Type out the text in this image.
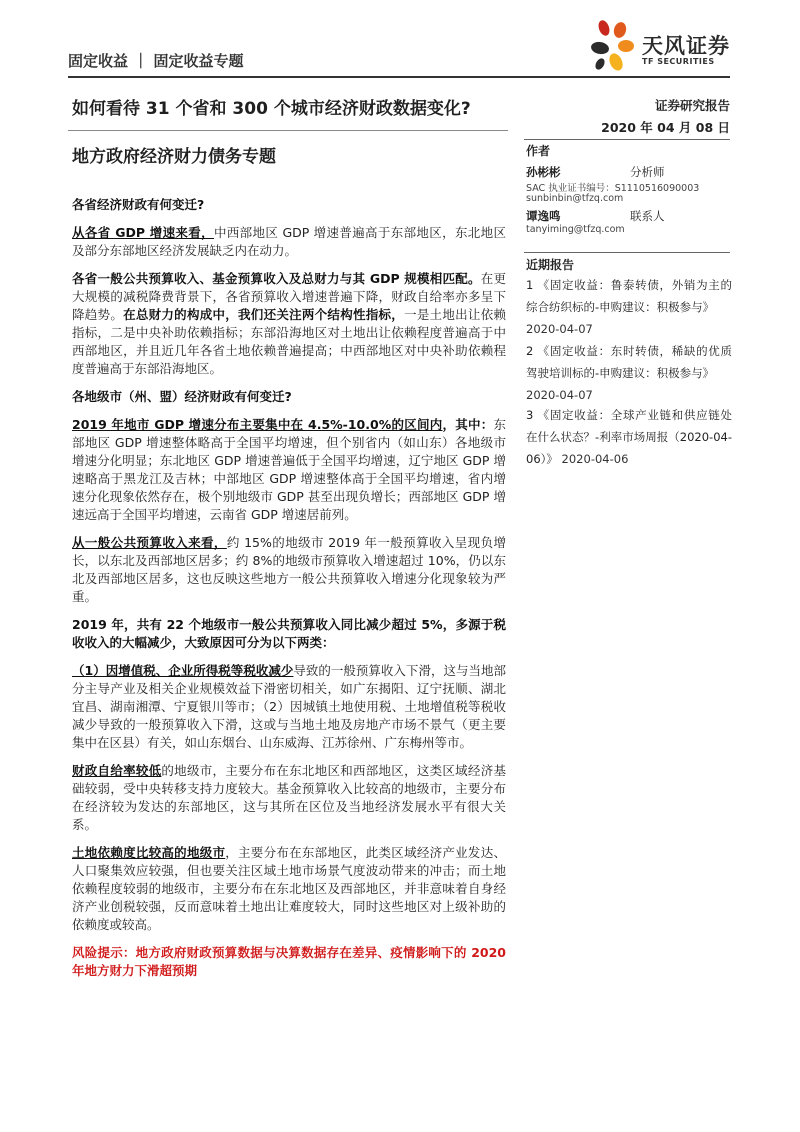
固定收益 ｜ 固定收益专题
天风证券
TF SECURITIES
如何看待 31 个省和 300 个城市经济财政数据变化?
地方政府经济财力债务专题
证券研究报告
2020 年 04 月 08 日
作者
孙彬彬	分析师
SAC 执业证书编号：S1110516090003
sunbinbin@tfzq.com
谭逸鸣	联系人
tanyiming@tfzq.com
近期报告
1 《固定收益：鲁泰转债，外销为主的综合纺织标的-申购建议：积极参与》
2020-04-07
2 《固定收益：东时转债，稀缺的优质驾驶培训标的-申购建议：积极参与》
2020-04-07
3 《固定收益：全球产业链和供应链处在什么状态？-利率市场周报（2020-04-06）》 2020-04-06

各省经济财政有何变迁?

从各省 GDP 增速来看，中西部地区 GDP 增速普遍高于东部地区，东北地区及部分东部地区经济发展缺乏内在动力。

各省一般公共预算收入、基金预算收入及总财力与其 GDP 规模相匹配。在更大规模的减税降费背景下，各省预算收入增速普遍下降，财政自给率亦多呈下降趋势。在总财力的构成中，我们还关注两个结构性指标，一是土地出让依赖指标，二是中央补助依赖指标；东部沿海地区对土地出让依赖程度普遍高于中西部地区，并且近几年各省土地依赖普遍提高；中西部地区对中央补助依赖程度普遍高于东部沿海地区。

各地级市（州、盟）经济财政有何变迁?

2019 年地市 GDP 增速分布主要集中在 4.5%-10.0%的区间内，其中：东部地区 GDP 增速整体略高于全国平均增速，但个别省内（如山东）各地级市增速分化明显；东北地区 GDP 增速普遍低于全国平均增速，辽宁地区 GDP 增速略高于黑龙江及吉林；中部地区 GDP 增速整体高于全国平均增速，省内增速分化现象依然存在，极个别地级市 GDP 甚至出现负增长；西部地区 GDP 增速远高于全国平均增速，云南省 GDP 增速居前列。

从一般公共预算收入来看，约 15%的地级市 2019 年一般预算收入呈现负增长，以东北及西部地区居多；约 8%的地级市预算收入增速超过 10%，仍以东北及西部地区居多，这也反映这些地方一般公共预算收入增速分化现象较为严重。

2019 年，共有 22 个地级市一般公共预算收入同比减少超过 5%，多源于税收收入的大幅减少，大致原因可分为以下两类：

（1）因增值税、企业所得税等税收减少导致的一般预算收入下滑，这与当地部分主导产业及相关企业规模效益下滑密切相关，如广东揭阳、辽宁抚顺、湖北宜昌、湖南湘潭、宁夏银川等市；（2）因城镇土地使用税、土地增值税等税收减少导致的一般预算收入下滑，这或与当地土地及房地产市场不景气（更主要集中在区县）有关，如山东烟台、山东威海、江苏徐州、广东梅州等市。

财政自给率较低的地级市，主要分布在东北地区和西部地区，这类区域经济基础较弱，受中央转移支持力度较大。基金预算收入比较高的地级市，主要分布在经济较为发达的东部地区，这与其所在区位及当地经济发展水平有很大关系。

土地依赖度比较高的地级市，主要分布在东部地区，此类区域经济产业发达、人口聚集效应较强，但也要关注区域土地市场景气度波动带来的冲击；而土地依赖程度较弱的地级市，主要分布在东北地区及西部地区，并非意味着自身经济产业创税较强，反而意味着土地出让难度较大，同时这些地区对上级补助的依赖度或较高。

风险提示：地方政府财政预算数据与决算数据存在差异、疫情影响下的 2020 年地方财力下滑超预期
